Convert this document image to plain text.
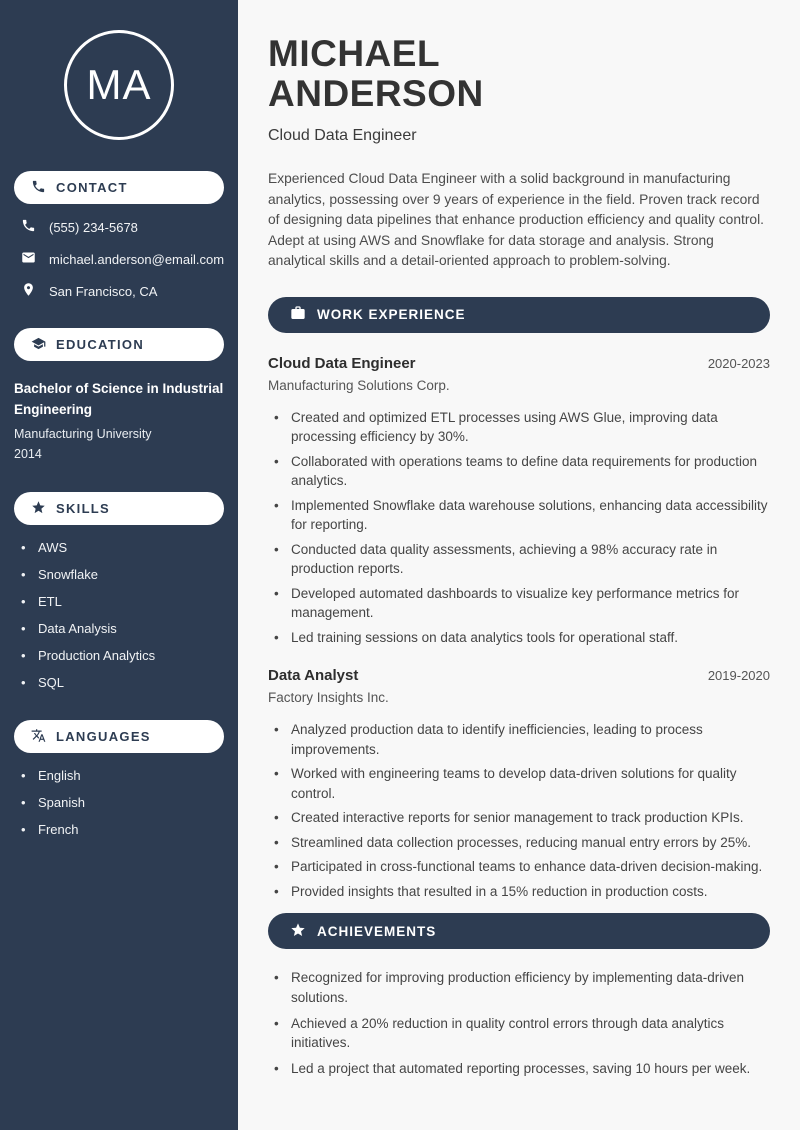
MA
CONTACT
(555) 234-5678
michael.anderson@email.com
San Francisco, CA
EDUCATION
Bachelor of Science in Industrial Engineering
Manufacturing University
2014
SKILLS
• AWS
• Snowflake
• ETL
• Data Analysis
• Production Analytics
• SQL
LANGUAGES
• English
• Spanish
• French
MICHAEL
ANDERSON
Cloud Data Engineer

Experienced Cloud Data Engineer with a solid background in manufacturing analytics, possessing over 9 years of experience in the field. Proven track record of designing data pipelines that enhance production efficiency and quality control. Adept at using AWS and Snowflake for data storage and analysis. Strong analytical skills and a detail-oriented approach to problem-solving.

WORK EXPERIENCE
Cloud Data Engineer	2020-2023
Manufacturing Solutions Corp.
• Created and optimized ETL processes using AWS Glue, improving data processing efficiency by 30%.
• Collaborated with operations teams to define data requirements for production analytics.
• Implemented Snowflake data warehouse solutions, enhancing data accessibility for reporting.
• Conducted data quality assessments, achieving a 98% accuracy rate in production reports.
• Developed automated dashboards to visualize key performance metrics for management.
• Led training sessions on data analytics tools for operational staff.
Data Analyst	2019-2020
Factory Insights Inc.
• Analyzed production data to identify inefficiencies, leading to process improvements.
• Worked with engineering teams to develop data-driven solutions for quality control.
• Created interactive reports for senior management to track production KPIs.
• Streamlined data collection processes, reducing manual entry errors by 25%.
• Participated in cross-functional teams to enhance data-driven decision-making.
• Provided insights that resulted in a 15% reduction in production costs.
ACHIEVEMENTS
• Recognized for improving production efficiency by implementing data-driven solutions.
• Achieved a 20% reduction in quality control errors through data analytics initiatives.
• Led a project that automated reporting processes, saving 10 hours per week.
